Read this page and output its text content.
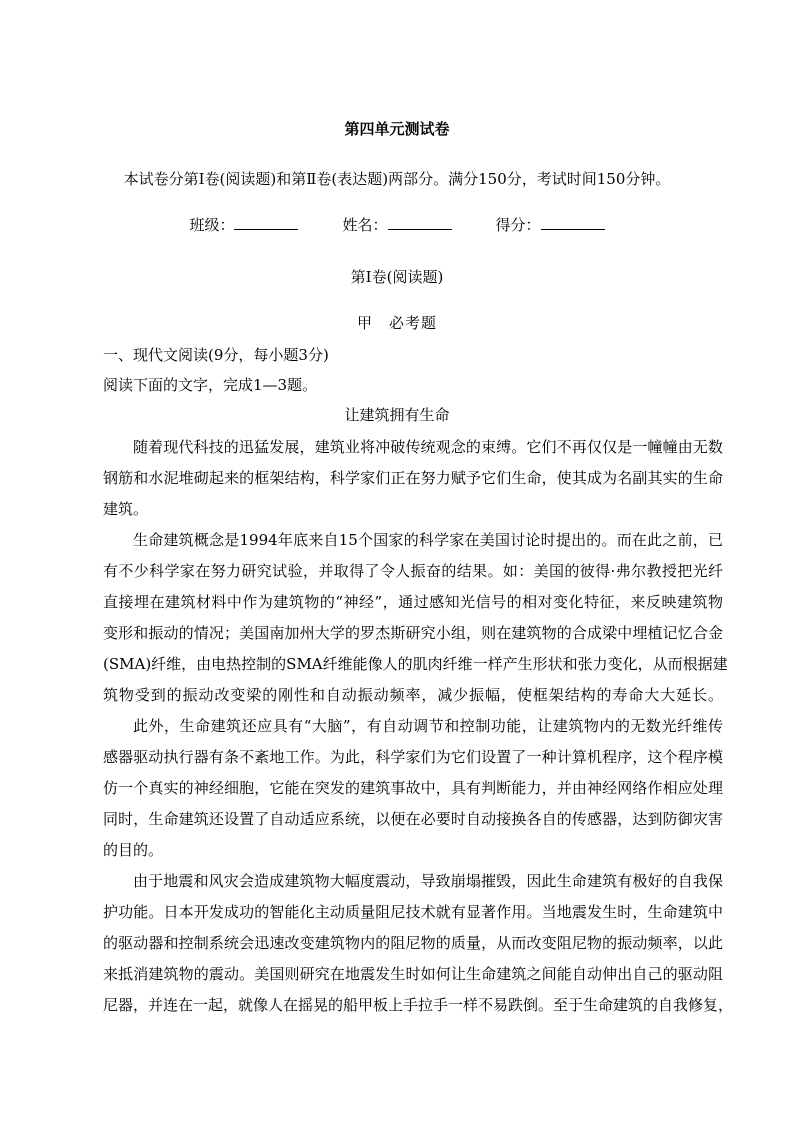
第四单元测试卷
本试卷分第Ⅰ卷(阅读题)和第Ⅱ卷(表达题)两部分。满分150分，考试时间150分钟。
班级：	姓名：	得分：
第Ⅰ卷(阅读题)
甲　必考题
一、现代文阅读(9分，每小题3分)
阅读下面的文字，完成1—3题。
让建筑拥有生命
随着现代科技的迅猛发展，建筑业将冲破传统观念的束缚。它们不再仅仅是一幢幢由无数
钢筋和水泥堆砌起来的框架结构，科学家们正在努力赋予它们生命，使其成为名副其实的生命
建筑。
生命建筑概念是1994年底来自15个国家的科学家在美国讨论时提出的。而在此之前，已
有不少科学家在努力研究试验，并取得了令人振奋的结果。如：美国的彼得·弗尔教授把光纤
直接埋在建筑材料中作为建筑物的“神经”，通过感知光信号的相对变化特征，来反映建筑物
变形和振动的情况；美国南加州大学的罗杰斯研究小组，则在建筑物的合成梁中埋植记忆合金
(SMA)纤维，由电热控制的SMA纤维能像人的肌肉纤维一样产生形状和张力变化，从而根据建
筑物受到的振动改变梁的刚性和自动振动频率，减少振幅，使框架结构的寿命大大延长。
此外，生命建筑还应具有“大脑”，有自动调节和控制功能，让建筑物内的无数光纤维传
感器驱动执行器有条不紊地工作。为此，科学家们为它们设置了一种计算机程序，这个程序模
仿一个真实的神经细胞，它能在突发的建筑事故中，具有判断能力，并由神经网络作相应处理
同时，生命建筑还设置了自动适应系统，以便在必要时自动接换各自的传感器，达到防御灾害
的目的。
由于地震和风灾会造成建筑物大幅度震动，导致崩塌摧毁，因此生命建筑有极好的自我保
护功能。日本开发成功的智能化主动质量阻尼技术就有显著作用。当地震发生时，生命建筑中
的驱动器和控制系统会迅速改变建筑物内的阻尼物的质量，从而改变阻尼物的振动频率，以此
来抵消建筑物的震动。美国则研究在地震发生时如何让生命建筑之间能自动伸出自己的驱动阻
尼器，并连在一起，就像人在摇晃的船甲板上手拉手一样不易跌倒。至于生命建筑的自我修复，
